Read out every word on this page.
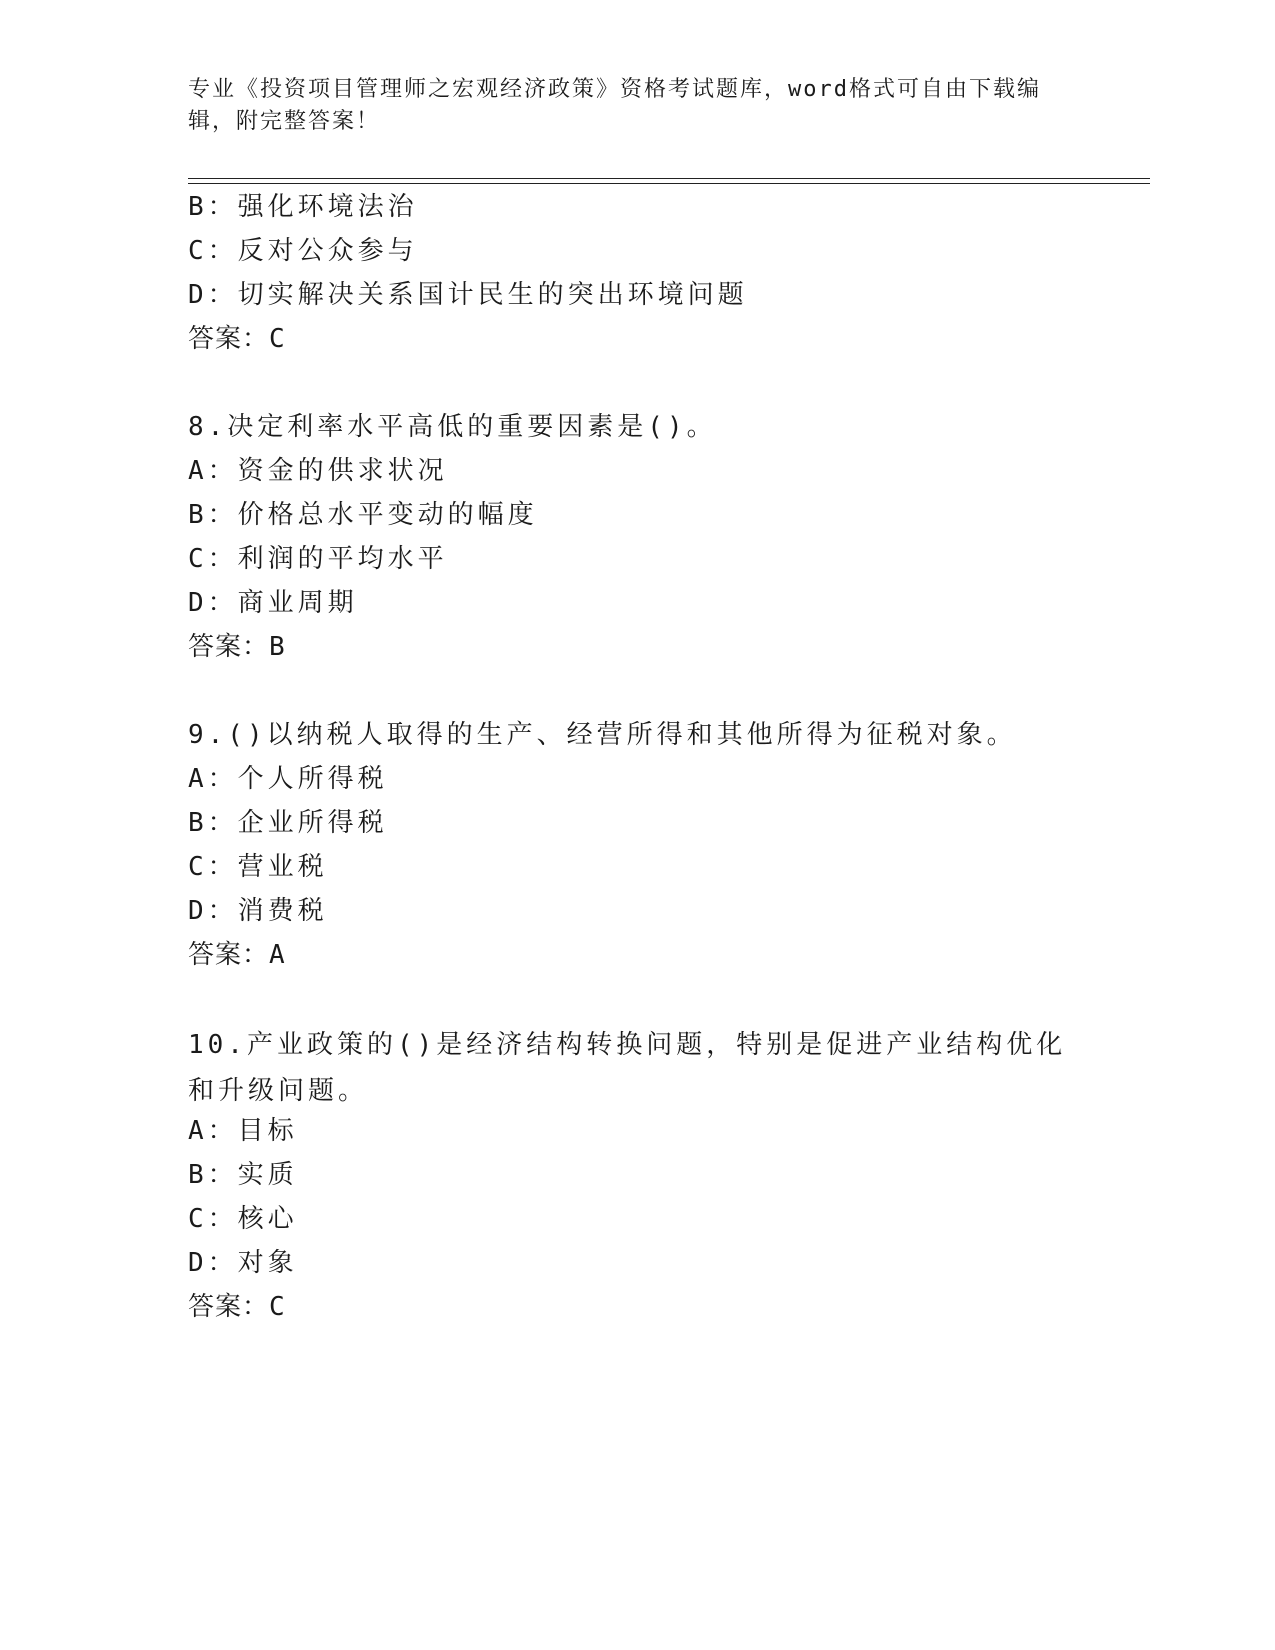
专业《投资项目管理师之宏观经济政策》资格考试题库，word格式可自由下载编辑，附完整答案！
B：强化环境法治
C：反对公众参与
D：切实解决关系国计民生的突出环境问题
答案：C
8.决定利率水平高低的重要因素是()。
A：资金的供求状况
B：价格总水平变动的幅度
C：利润的平均水平
D：商业周期
答案：B
9.()以纳税人取得的生产、经营所得和其他所得为征税对象。
A：个人所得税
B：企业所得税
C：营业税
D：消费税
答案：A
10.产业政策的()是经济结构转换问题，特别是促进产业结构优化和升级问题。
A：目标
B：实质
C：核心
D：对象
答案：C
